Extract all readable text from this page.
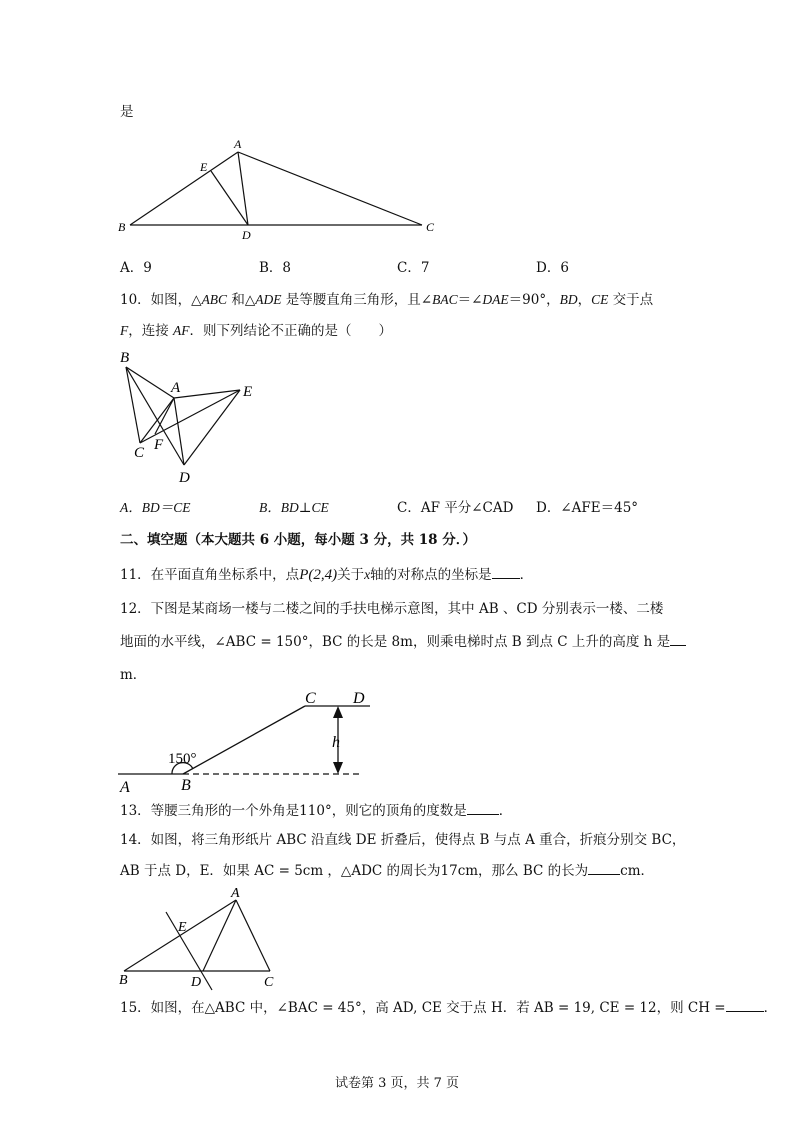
是
A
E
B
D
C
A．9	B．8	C．7	D．6
10．如图，△ABC 和△ADE 是等腰直角三角形，且∠BAC＝∠DAE＝90°，BD，CE 交于点
F，连接 AF．则下列结论不正确的是（　　）
B
A	E
C F
D
A．BD＝CE	B．BD⊥CE	C．AF 平分∠CAD D．∠AFE＝45°
二、填空题（本大题共 6 小题，每小题 3 分，共 18 分．）
11．在平面直角坐标系中，点P(2,4)关于x轴的对称点的坐标是 ．
12．下图是某商场一楼与二楼之间的手扶电梯示意图，其中 AB 、CD 分别表示一楼、二楼
地面的水平线，∠ABC = 150°，BC 的长是 8m，则乘电梯时点 B 到点 C 上升的高度 h 是
m．
C D
A	B
h
150°
13．等腰三角形的一个外角是110°，则它的顶角的度数是 ．
14．如图，将三角形纸片 ABC 沿直线 DE 折叠后，使得点 B 与点 A 重合，折痕分别交 BC，
AB 于点 D，E．如果 AC = 5cm ，△ADC 的周长为17cm，那么 BC 的长为 cm．
A
E
B	D	C
15．如图，在△ABC 中，∠BAC = 45°，高 AD, CE 交于点 H．若 AB = 19, CE = 12，则 CH =	．
试卷第 3 页，共 7 页
